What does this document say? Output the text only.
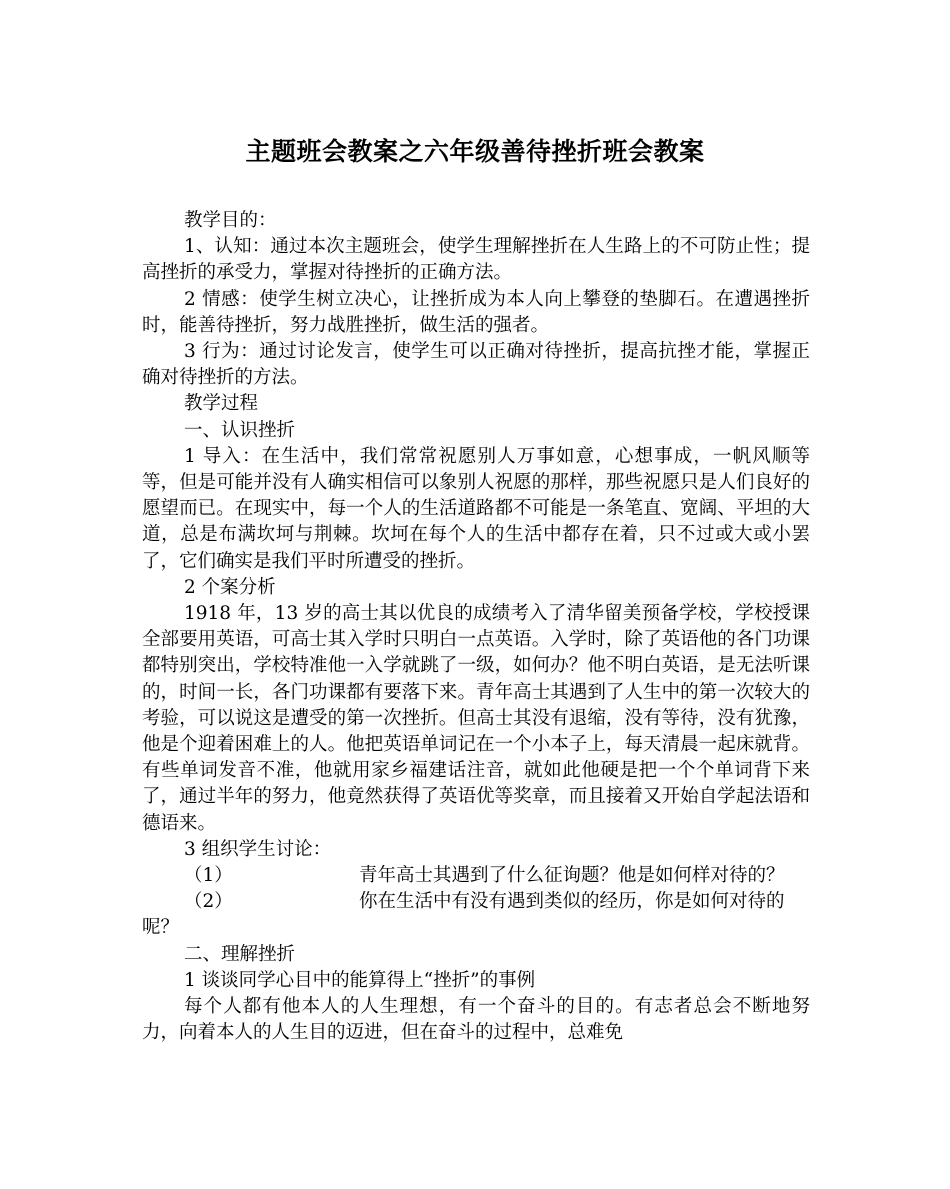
主题班会教案之六年级善待挫折班会教案

教学目的：

1、认知：通过本次主题班会，使学生理解挫折在人生路上的不可防止性；提高挫折的承受力，掌握对待挫折的正确方法。

2 情感：使学生树立决心，让挫折成为本人向上攀登的垫脚石。在遭遇挫折时，能善待挫折，努力战胜挫折，做生活的强者。

3 行为：通过讨论发言，使学生可以正确对待挫折，提高抗挫才能，掌握正确对待挫折的方法。

教学过程

一、认识挫折

1 导入：在生活中，我们常常祝愿别人万事如意，心想事成，一帆风顺等等，但是可能并没有人确实相信可以象别人祝愿的那样，那些祝愿只是人们良好的愿望而已。在现实中，每一个人的生活道路都不可能是一条笔直、宽阔、平坦的大道，总是布满坎坷与荆棘。坎坷在每个人的生活中都存在着，只不过或大或小罢了，它们确实是我们平时所遭受的挫折。

2 个案分析

1918 年，13 岁的高士其以优良的成绩考入了清华留美预备学校，学校授课全部要用英语，可高士其入学时只明白一点英语。入学时，除了英语他的各门功课都特别突出，学校特准他一入学就跳了一级，如何办？他不明白英语，是无法听课的，时间一长，各门功课都有要落下来。青年高士其遇到了人生中的第一次较大的考验，可以说这是遭受的第一次挫折。但高士其没有退缩，没有等待，没有犹豫，他是个迎着困难上的人。他把英语单词记在一个小本子上，每天清晨一起床就背。有些单词发音不准，他就用家乡福建话注音，就如此他硬是把一个个单词背下来了，通过半年的努力，他竟然获得了英语优等奖章，而且接着又开始自学起法语和德语来。

3 组织学生讨论：

（1）	青年高士其遇到了什么征询题？他是如何样对待的？

（2）	你在生活中有没有遇到类似的经历，你是如何对待的呢？

二、理解挫折

1 谈谈同学心目中的能算得上“挫折”的事例

每个人都有他本人的人生理想，有一个奋斗的目的。有志者总会不断地努力，向着本人的人生目的迈进，但在奋斗的过程中，总难免
